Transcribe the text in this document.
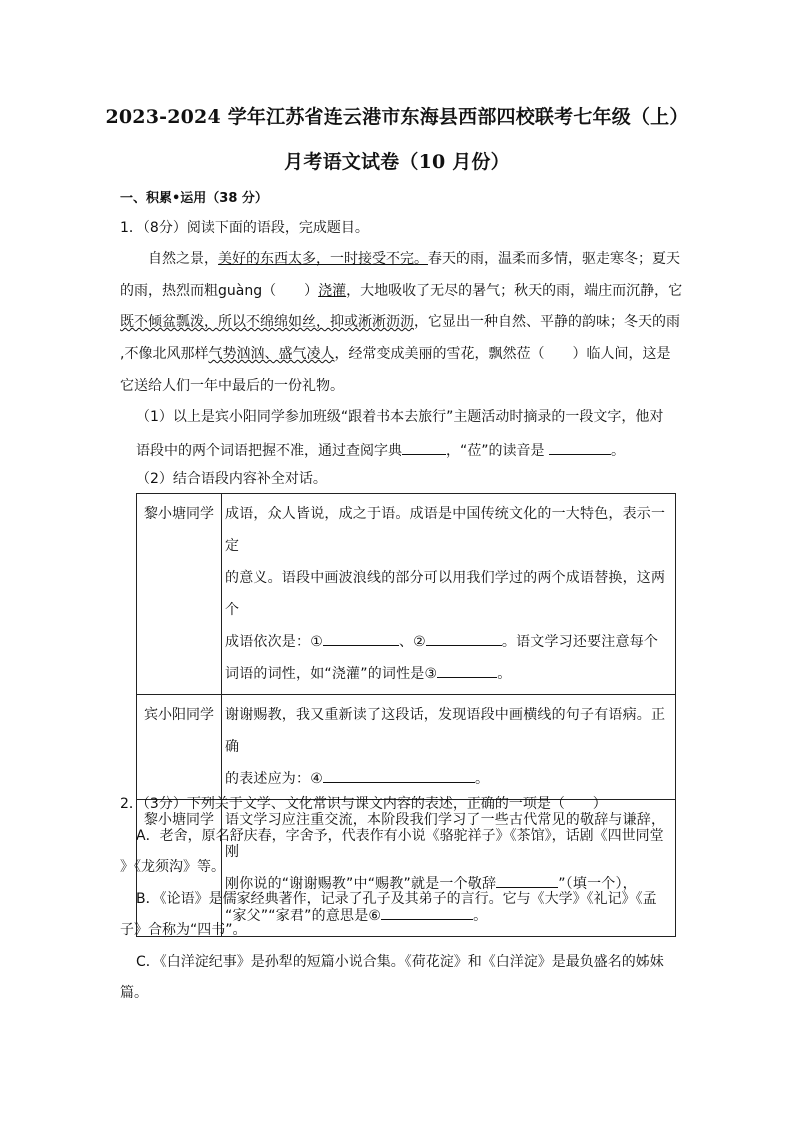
2023-2024 学年江苏省连云港市东海县西部四校联考七年级（上）
月考语文试卷（10 月份）
一、积累•运用（38 分）
1．（8分）阅读下面的语段，完成题目。
自然之景，美好的东西太多，一时接受不完。春天的雨，温柔而多情，驱走寒冬；夏天
的雨，热烈而粗guàng（　　）浇灌，大地吸收了无尽的暑气；秋天的雨，端庄而沉静，它
既不倾盆瓢泼，所以不绵绵如丝，抑或淅淅沥沥，它显出一种自然、平静的韵味；冬天的雨
,不像北风那样气势汹汹、盛气凌人，经常变成美丽的雪花，飘然莅（　　）临人间，这是
它送给人们一年中最后的一份礼物。
（1）以上是宾小阳同学参加班级“跟着书本去旅行”主题活动时摘录的一段文字，他对
语段中的两个词语把握不准，通过查阅字典	，“莅”的读音是	。
（2）结合语段内容补全对话。
黎小塘同学	成语，众人皆说，成之于语。成语是中国传统文化的一大特色，表示一定
的意义。语段中画波浪线的部分可以用我们学过的两个成语替换，这两个
成语依次是：① 、② 。语文学习还要注意每个
词语的词性，如“浇灌”的词性是③ 。

宾小阳同学	谢谢赐教，我又重新读了这段话，发现语段中画横线的句子有语病。正确
的表述应为：④ 。

黎小塘同学	语文学习应注重交流，本阶段我们学习了一些古代常见的敬辞与谦辞，刚
刚你说的“谢谢赐教”中“赐教”就是一个敬辞 ”（填一个），
“家父”“家君”的意思是⑥ 。
2．（3分）下列关于文学、文化常识与课文内容的表述，正确的一项是（　　）
A．老舍，原名舒庆春，字舍予，代表作有小说《骆驼祥子》《茶馆》，话剧《四世同堂
》《龙须沟》等。
B．《论语》是儒家经典著作，记录了孔子及其弟子的言行。它与《大学》《礼记》《孟
子》合称为“四书”。
C．《白洋淀纪事》是孙犁的短篇小说合集。《荷花淀》和《白洋淀》是最负盛名的姊妹
篇。
